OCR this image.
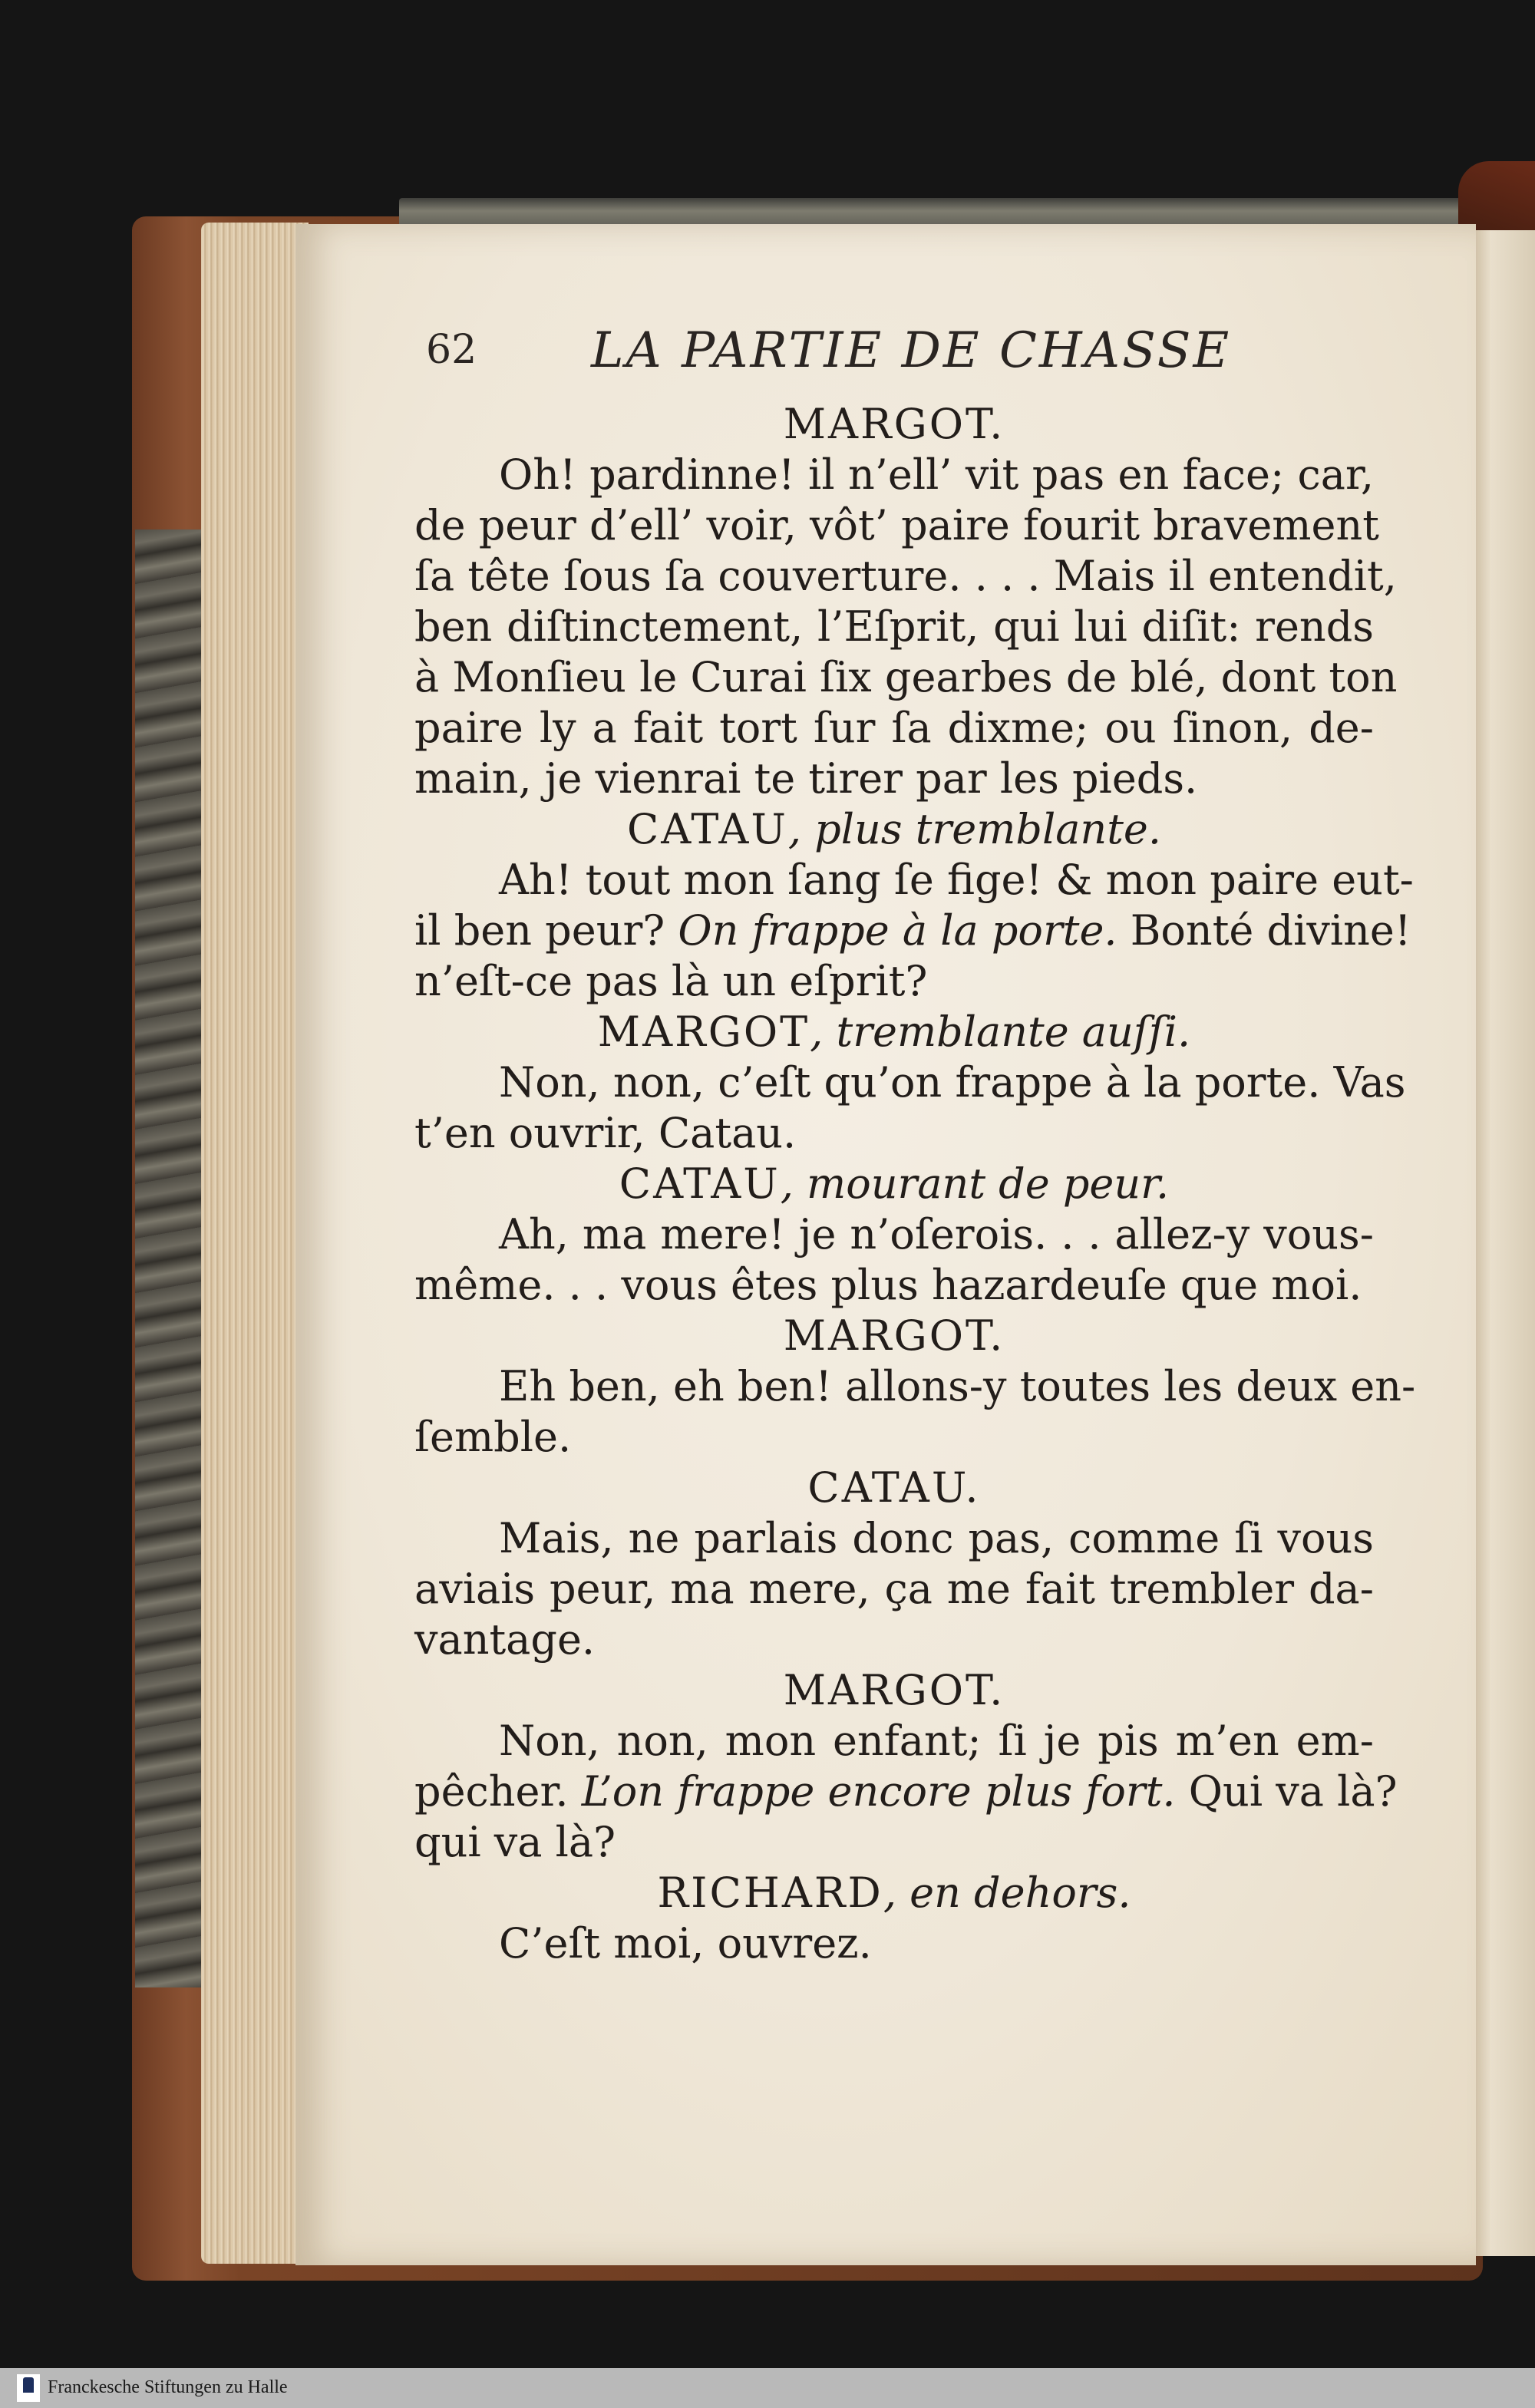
62 LA PARTIE DE CHASSE
MARGOT.
Oh! pardinne! il n’ell’ vit pas en face; car,
de peur d’ell’ voir, vôt’ paire fourit bravement
ſa tête ſous ſa couverture. . . . Mais il entendit,
ben diſtinctement, l’Eſprit, qui lui diſit: rends
à Monſieu le Curai ſix gearbes de blé, dont ton
paire ly a fait tort ſur ſa dixme; ou ſinon, de-
main, je vienrai te tirer par les pieds.
CATAU, plus tremblante.
Ah! tout mon ſang ſe fige! & mon paire eut-
il ben peur? On frappe à la porte. Bonté divine!
n’eſt-ce pas là un eſprit?
MARGOT, tremblante auſſi.
Non, non, c’eſt qu’on frappe à la porte. Vas
t’en ouvrir, Catau.
CATAU, mourant de peur.
Ah, ma mere! je n’oſerois. . . allez-y vous-
même. . . vous êtes plus hazardeuſe que moi.
MARGOT.
Eh ben, eh ben! allons-y toutes les deux en-
ſemble.
CATAU.
Mais, ne parlais donc pas, comme ſi vous
aviais peur, ma mere, ça me fait trembler da-
vantage.
MARGOT.
Non, non, mon enfant; ſi je pis m’en em-
pêcher. L’on frappe encore plus fort. Qui va là?
qui va là?
RICHARD, en dehors.
C’eſt moi, ouvrez.
Franckesche Stiftungen zu Halle
